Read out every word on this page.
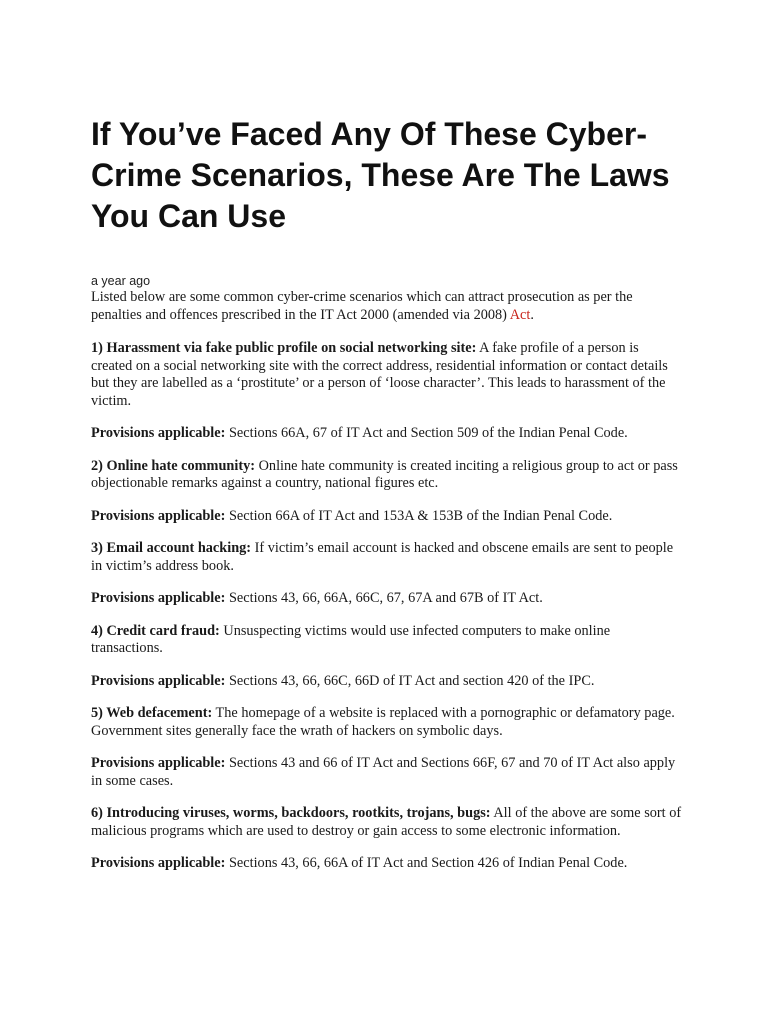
If You’ve Faced Any Of These Cyber-Crime Scenarios, These Are The Laws You Can Use
a year ago

Listed below are some common cyber-crime scenarios which can attract prosecution as per the penalties and offences prescribed in the IT Act 2000 (amended via 2008) Act.

1) Harassment via fake public profile on social networking site: A fake profile of a person is created on a social networking site with the correct address, residential information or contact details but they are labelled as a ‘prostitute’ or a person of ‘loose character’. This leads to harassment of the victim.

Provisions applicable: Sections 66A, 67 of IT Act and Section 509 of the Indian Penal Code.

2) Online hate community: Online hate community is created inciting a religious group to act or pass objectionable remarks against a country, national figures etc.

Provisions applicable: Section 66A of IT Act and 153A & 153B of the Indian Penal Code.

3) Email account hacking: If victim’s email account is hacked and obscene emails are sent to people in victim’s address book.

Provisions applicable: Sections 43, 66, 66A, 66C, 67, 67A and 67B of IT Act.

4) Credit card fraud: Unsuspecting victims would use infected computers to make online transactions.

Provisions applicable: Sections 43, 66, 66C, 66D of IT Act and section 420 of the IPC.

5) Web defacement: The homepage of a website is replaced with a pornographic or defamatory page. Government sites generally face the wrath of hackers on symbolic days.

Provisions applicable: Sections 43 and 66 of IT Act and Sections 66F, 67 and 70 of IT Act also apply in some cases.

6) Introducing viruses, worms, backdoors, rootkits, trojans, bugs: All of the above are some sort of malicious programs which are used to destroy or gain access to some electronic information.

Provisions applicable: Sections 43, 66, 66A of IT Act and Section 426 of Indian Penal Code.
